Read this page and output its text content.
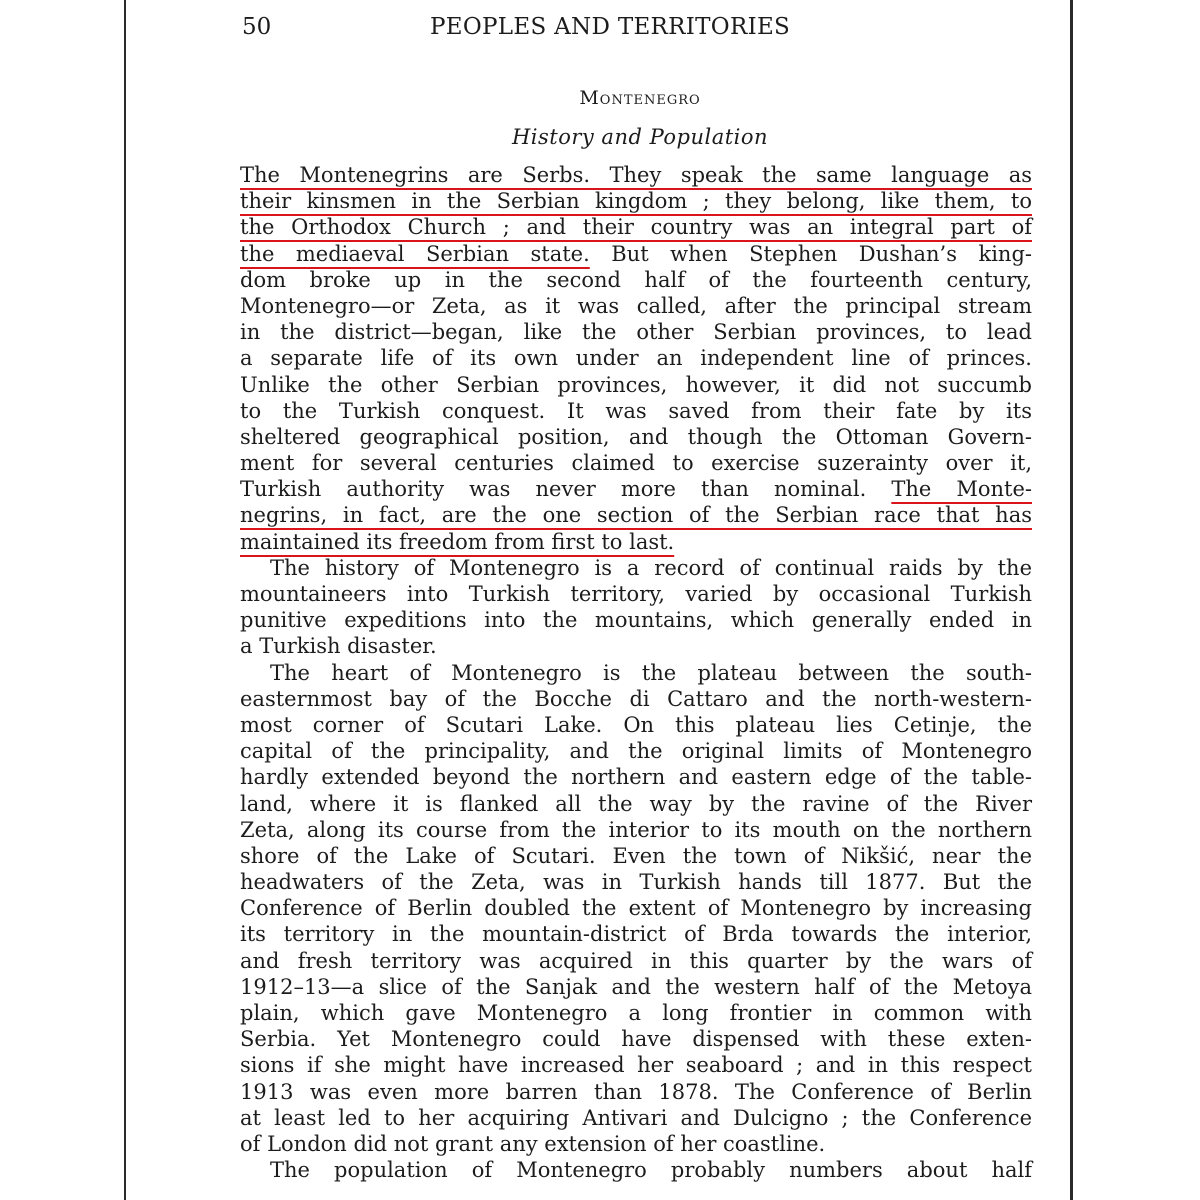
50	PEOPLES AND TERRITORIES
Montenegro
History and Population
The Montenegrins are Serbs. They speak the same language as
their kinsmen in the Serbian kingdom ; they belong, like them, to
the Orthodox Church ; and their country was an integral part of
the mediaeval Serbian state. But when Stephen Dushan’s king-
dom broke up in the second half of the fourteenth century,
Montenegro—or Zeta, as it was called, after the principal stream
in the district—began, like the other Serbian provinces, to lead
a separate life of its own under an independent line of princes.
Unlike the other Serbian provinces, however, it did not succumb
to the Turkish conquest. It was saved from their fate by its
sheltered geographical position, and though the Ottoman Govern-
ment for several centuries claimed to exercise suzerainty over it,
Turkish authority was never more than nominal. The Monte-
negrins, in fact, are the one section of the Serbian race that has
maintained its freedom from first to last.
The history of Montenegro is a record of continual raids by the
mountaineers into Turkish territory, varied by occasional Turkish
punitive expeditions into the mountains, which generally ended in
a Turkish disaster.
The heart of Montenegro is the plateau between the south-
easternmost bay of the Bocche di Cattaro and the north-western-
most corner of Scutari Lake. On this plateau lies Cetinje, the
capital of the principality, and the original limits of Montenegro
hardly extended beyond the northern and eastern edge of the table-
land, where it is flanked all the way by the ravine of the River
Zeta, along its course from the interior to its mouth on the northern
shore of the Lake of Scutari. Even the town of Nikšić, near the
headwaters of the Zeta, was in Turkish hands till 1877. But the
Conference of Berlin doubled the extent of Montenegro by increasing
its territory in the mountain-district of Brda towards the interior,
and fresh territory was acquired in this quarter by the wars of
1912–13—a slice of the Sanjak and the western half of the Metoya
plain, which gave Montenegro a long frontier in common with
Serbia. Yet Montenegro could have dispensed with these exten-
sions if she might have increased her seaboard ; and in this respect
1913 was even more barren than 1878. The Conference of Berlin
at least led to her acquiring Antivari and Dulcigno ; the Conference
of London did not grant any extension of her coastline.
The population of Montenegro probably numbers about half
